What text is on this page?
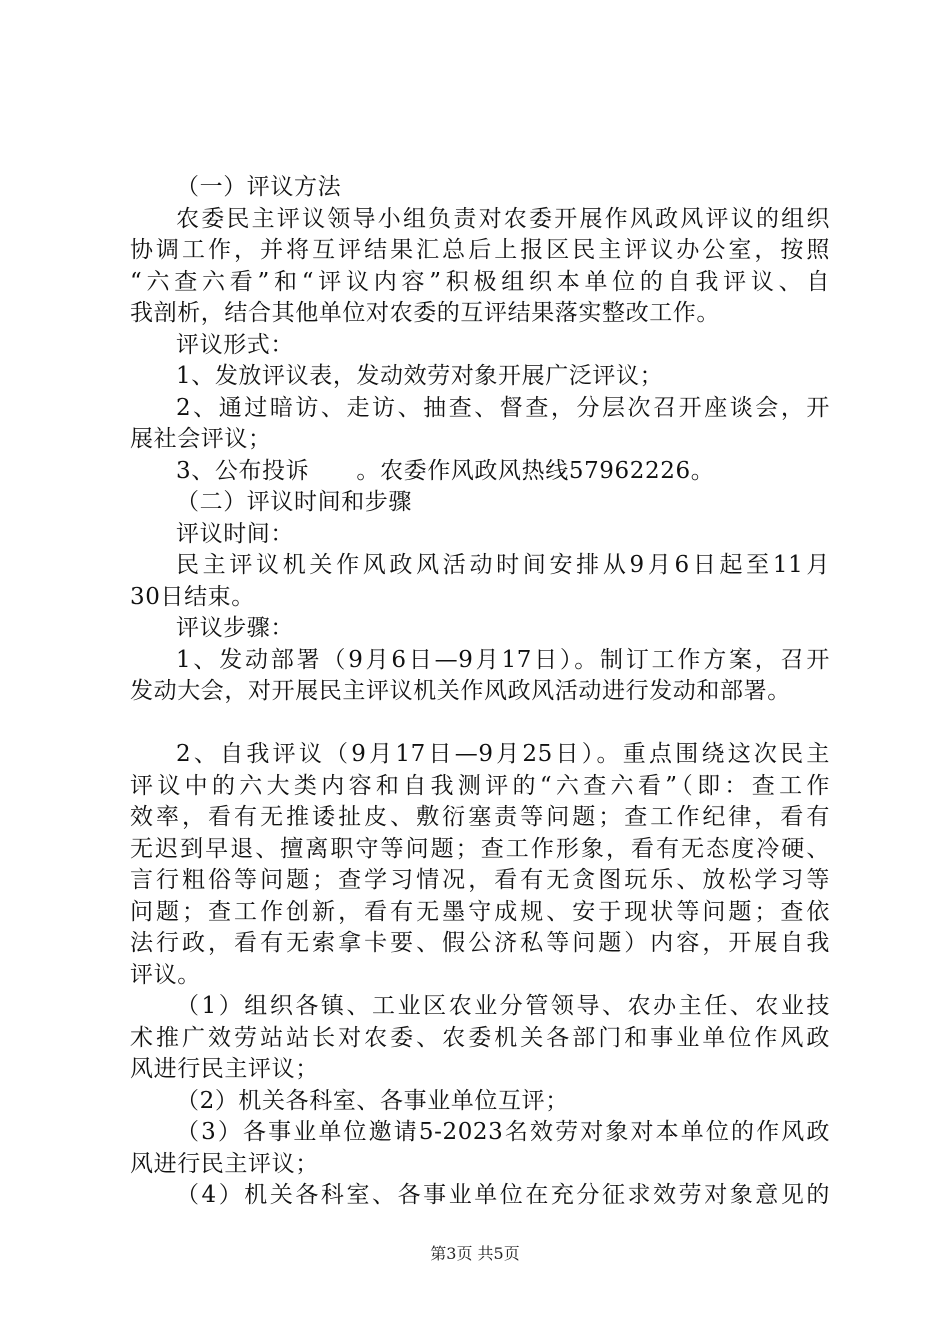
（一）评议方法
农委民主评议领导小组负责对农委开展作风政风评议的组织
协调工作，并将互评结果汇总后上报区民主评议办公室，按照
“六查六看”和“评议内容”积极组织本单位的自我评议、自
我剖析，结合其他单位对农委的互评结果落实整改工作。
评议形式：
1、发放评议表，发动效劳对象开展广泛评议；
2、通过暗访、走访、抽查、督查，分层次召开座谈会，开
展社会评议；
3、公布投诉　　。农委作风政风热线57962226。
（二）评议时间和步骤
评议时间：
民主评议机关作风政风活动时间安排从9月6日起至11月
30日结束。
评议步骤：
1、发动部署（9月6日—9月17日）。制订工作方案，召开
发动大会，对开展民主评议机关作风政风活动进行发动和部署。
2、自我评议（9月17日—9月25日）。重点围绕这次民主
评议中的六大类内容和自我测评的“六查六看”（即：查工作
效率，看有无推诿扯皮、敷衍塞责等问题；查工作纪律，看有
无迟到早退、擅离职守等问题；查工作形象，看有无态度冷硬、
言行粗俗等问题；查学习情况，看有无贪图玩乐、放松学习等
问题；查工作创新，看有无墨守成规、安于现状等问题；查依
法行政，看有无索拿卡要、假公济私等问题）内容，开展自我
评议。
（1）组织各镇、工业区农业分管领导、农办主任、农业技
术推广效劳站站长对农委、农委机关各部门和事业单位作风政
风进行民主评议；
（2）机关各科室、各事业单位互评；
（3）各事业单位邀请5-2023名效劳对象对本单位的作风政
风进行民主评议；
（4）机关各科室、各事业单位在充分征求效劳对象意见的
第3页 共5页
